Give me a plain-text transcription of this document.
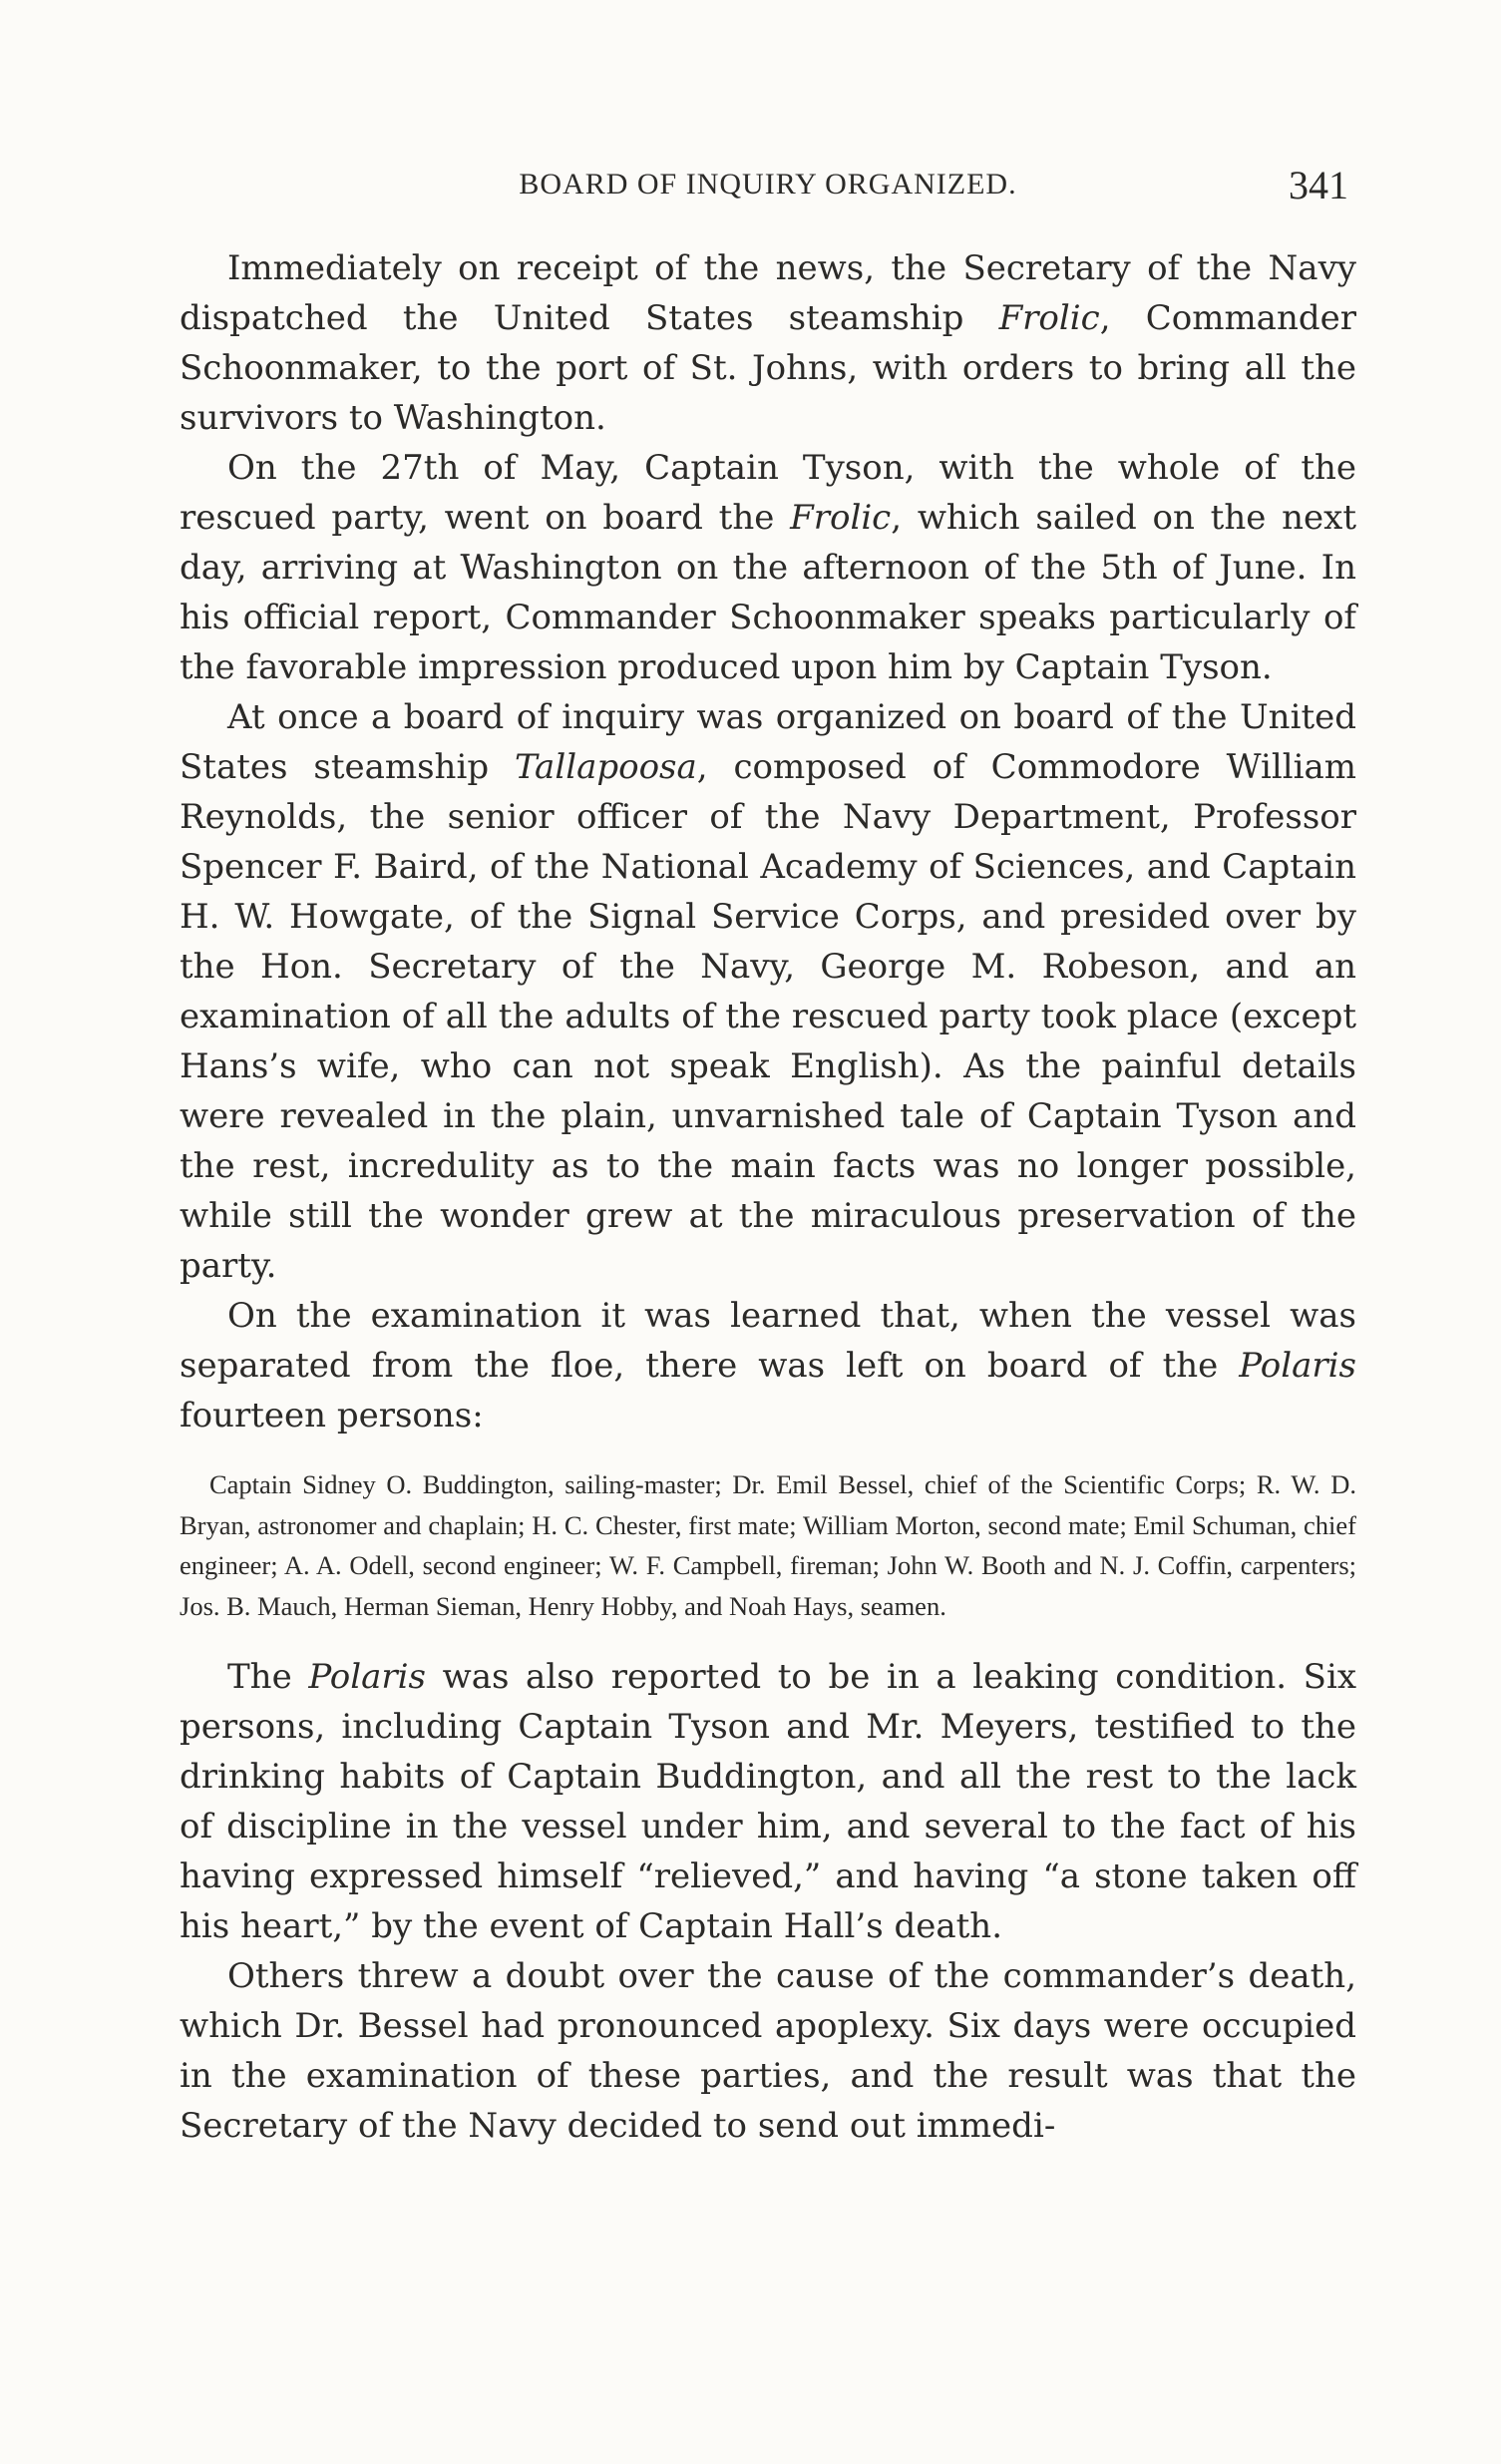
BOARD OF INQUIRY ORGANIZED.	341

Immediately on receipt of the news, the Secretary of the Navy dispatched the United States steamship Frolic, Commander Schoonmaker, to the port of St. Johns, with orders to bring all the survivors to Washington.

On the 27th of May, Captain Tyson, with the whole of the rescued party, went on board the Frolic, which sailed on the next day, arriving at Washington on the afternoon of the 5th of June. In his official report, Commander Schoonmaker speaks particularly of the favorable impression produced upon him by Captain Tyson.

At once a board of inquiry was organized on board of the United States steamship Tallapoosa, composed of Commodore William Reynolds, the senior officer of the Navy Department, Professor Spencer F. Baird, of the National Academy of Sciences, and Captain H. W. Howgate, of the Signal Service Corps, and presided over by the Hon. Secretary of the Navy, George M. Robeson, and an examination of all the adults of the rescued party took place (except Hans’s wife, who can not speak English). As the painful details were revealed in the plain, unvarnished tale of Captain Tyson and the rest, incredulity as to the main facts was no longer possible, while still the wonder grew at the miraculous preservation of the party.

On the examination it was learned that, when the vessel was separated from the floe, there was left on board of the Polaris fourteen persons:

Captain Sidney O. Buddington, sailing-master; Dr. Emil Bessel, chief of the Scientific Corps; R. W. D. Bryan, astronomer and chaplain; H. C. Chester, first mate; William Morton, second mate; Emil Schuman, chief engineer; A. A. Odell, second engineer; W. F. Campbell, fireman; John W. Booth and N. J. Coffin, carpenters; Jos. B. Mauch, Herman Sieman, Henry Hobby, and Noah Hays, seamen.

The Polaris was also reported to be in a leaking condition. Six persons, including Captain Tyson and Mr. Meyers, testified to the drinking habits of Captain Buddington, and all the rest to the lack of discipline in the vessel under him, and several to the fact of his having expressed himself “relieved,” and having “a stone taken off his heart,” by the event of Captain Hall’s death.

Others threw a doubt over the cause of the commander’s death, which Dr. Bessel had pronounced apoplexy. Six days were occupied in the examination of these parties, and the result was that the Secretary of the Navy decided to send out immedi-
